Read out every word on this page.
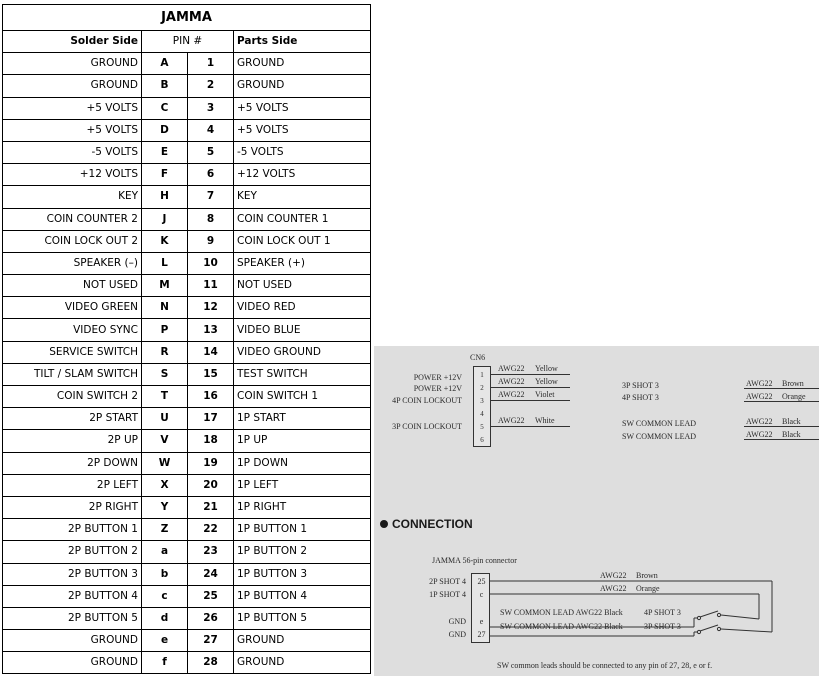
JAMMA			
Solder Side	PIN #		Parts Side
GROUND	A	1	GROUND
GROUND	B	2	GROUND
+5 VOLTS	C	3	+5 VOLTS
+5 VOLTS	D	4	+5 VOLTS
-5 VOLTS	E	5	-5 VOLTS
+12 VOLTS	F	6	+12 VOLTS
KEY	H	7	KEY
COIN COUNTER 2	J	8	COIN COUNTER 1
COIN LOCK OUT 2	K	9	COIN LOCK OUT 1
SPEAKER (–)	L	10	SPEAKER (+)
NOT USED	M	11	NOT USED
VIDEO GREEN	N	12	VIDEO RED
VIDEO SYNC	P	13	VIDEO BLUE
SERVICE SWITCH	R	14	VIDEO GROUND
TILT / SLAM SWITCH	S	15	TEST SWITCH
COIN SWITCH 2	T	16	COIN SWITCH 1
2P START	U	17	1P START
2P UP	V	18	1P UP
2P DOWN	W	19	1P DOWN
2P LEFT	X	20	1P LEFT
2P RIGHT	Y	21	1P RIGHT
2P BUTTON 1	Z	22	1P BUTTON 1
2P BUTTON 2	a	23	1P BUTTON 2
2P BUTTON 3	b	24	1P BUTTON 3
2P BUTTON 4	c	25	1P BUTTON 4
2P BUTTON 5	d	26	1P BUTTON 5
GROUND	e	27	GROUND
GROUND	f	28	GROUND
CN6
1
2
3
4
5
6
POWER +12V
POWER +12V
4P COIN LOCKOUT
3P COIN LOCKOUT
AWG22 Yellow
AWG22 Yellow
AWG22 Violet
AWG22 White
3P SHOT 3	AWG22 Brown
4P SHOT 3	AWG22 Orange
SW COMMON LEAD	AWG22 Black
SW COMMON LEAD	AWG22 Black
CONNECTION
JAMMA 56-pin connector
25
c
e
27
2P SHOT 4
1P SHOT 4
GND
GND
AWG22 Brown
AWG22 Orange
SW COMMON LEAD AWG22 Black	4P SHOT 3
SW COMMON LEAD AWG22 Black	3P SHOT 3
SW common leads should be connected to any pin of 27, 28, e or f.
